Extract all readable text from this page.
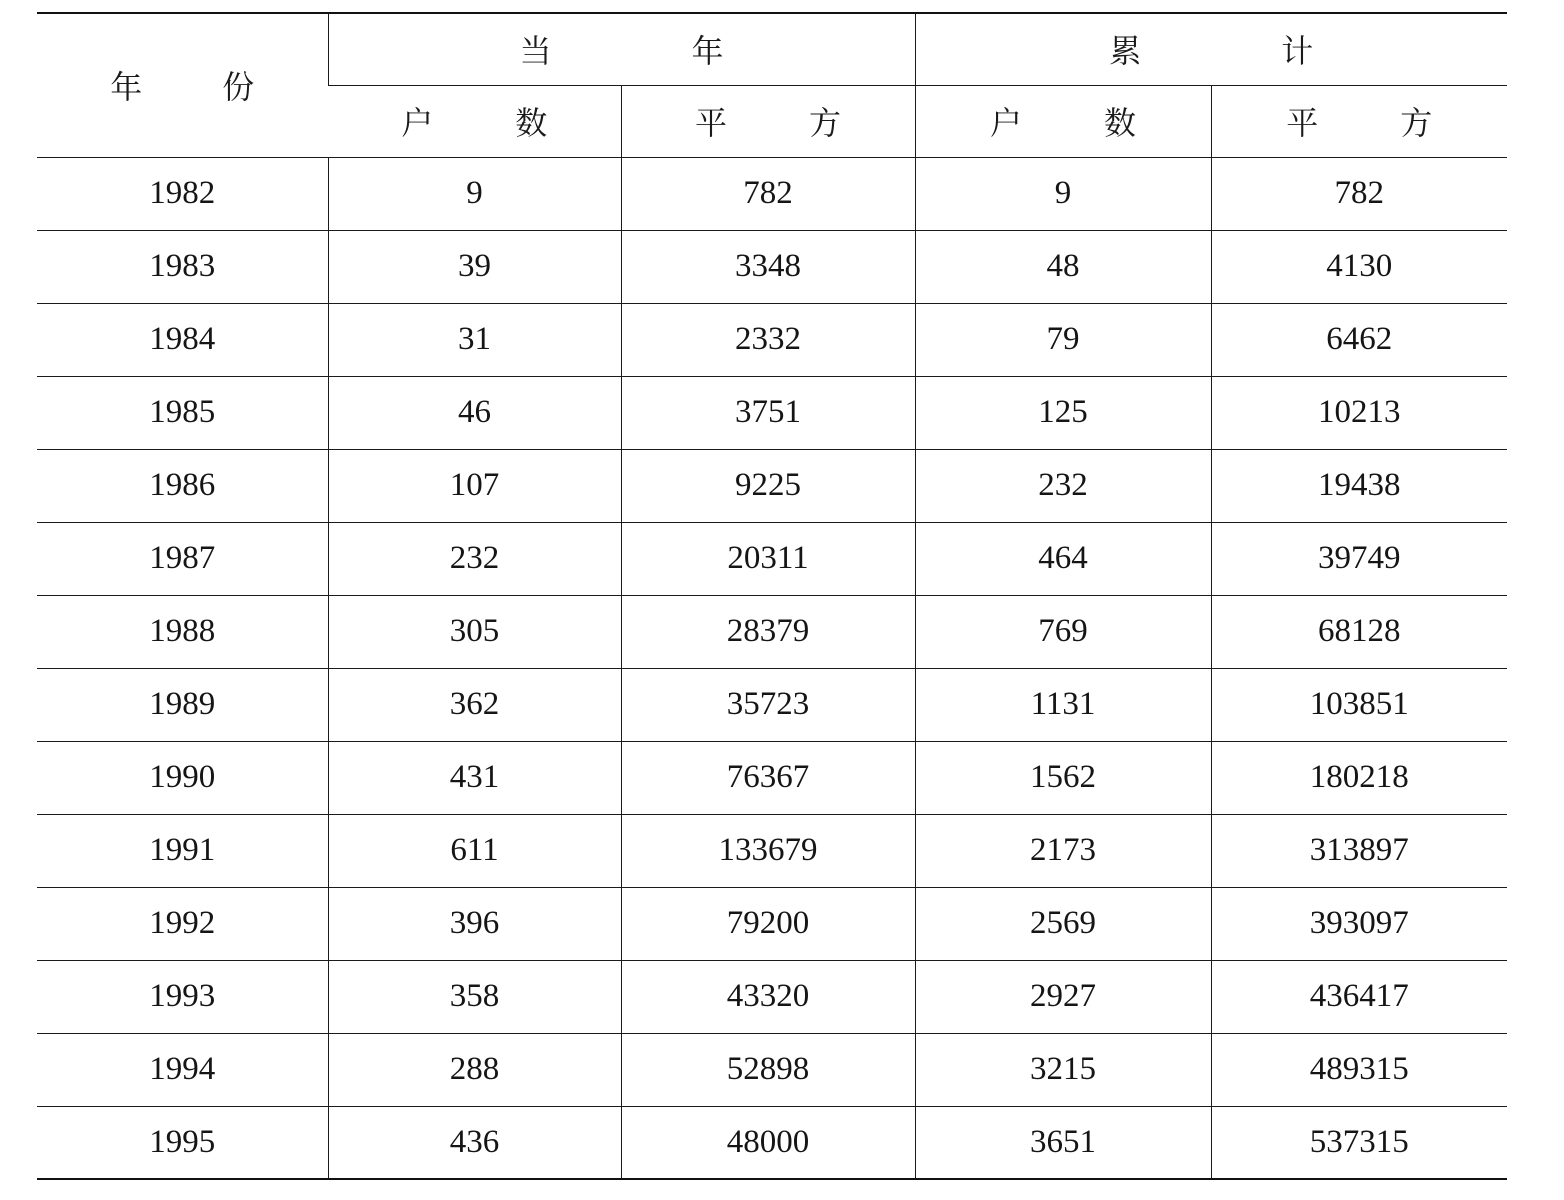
年 份	当 年		累 计	
	户 数	平 方	户 数	平 方
1982	9	782	9	782
1983	39	3348	48	4130
1984	31	2332	79	6462
1985	46	3751	125	10213
1986	107	9225	232	19438
1987	232	20311	464	39749
1988	305	28379	769	68128
1989	362	35723	1131	103851
1990	431	76367	1562	180218
1991	611	133679	2173	313897
1992	396	79200	2569	393097
1993	358	43320	2927	436417
1994	288	52898	3215	489315
1995	436	48000	3651	537315
